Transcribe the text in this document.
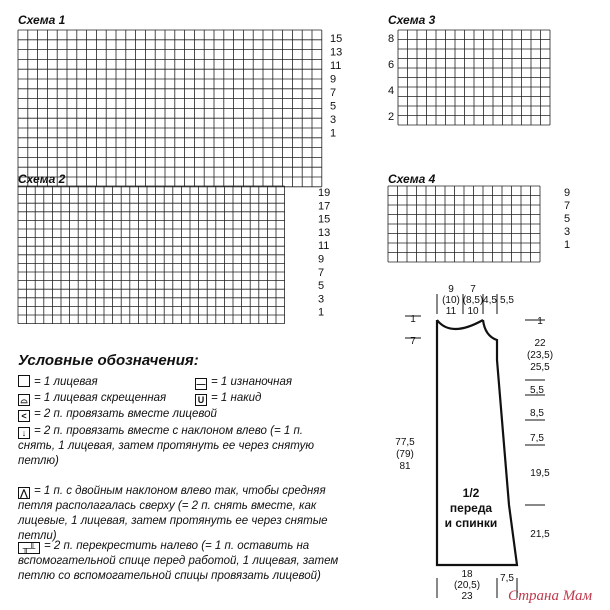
Схема 1
Схема 2
Схема 3
Схема 4
15
13
11
9
7
5
3
1
19
17
15
13
11
9
7
5
3
1
8
6
4
2
9
7
5
3
1
Условные обозначения:
= 1 лицевая	— = 1 изнаночная
⌓ = 1 лицевая скрещенная	U = 1 накид
< = 2 п. провязать вместе лицевой
↓ = 2 п. провязать вместе с наклоном влево (= 1 п. снять, 1 лицевая, затем протянуть ее через снятую петлю)
⋀ = 1 п. с двойным наклоном влево так, чтобы средняя петля располагалась сверху (= 2 п. снять вместе, как лицевые, 1 лицевая, затем протянуть ее через снятые петли)
╥╨ = 2 п. перекрестить налево (= 1 п. оставить на вспомогательной спице перед работой, 1 лицевая, затем петлю со вспомогательной спицы провязать лицевой)
9
(10)
11
7
(8,5)
10
4,5 5,5
1
7
77,5
(79)
81
1
22
(23,5)
25,5
5,5
8,5
7,5
19,5
21,5
18
(20,5)
23
7,5
1/2
переда
и спинки
Страна Мам
